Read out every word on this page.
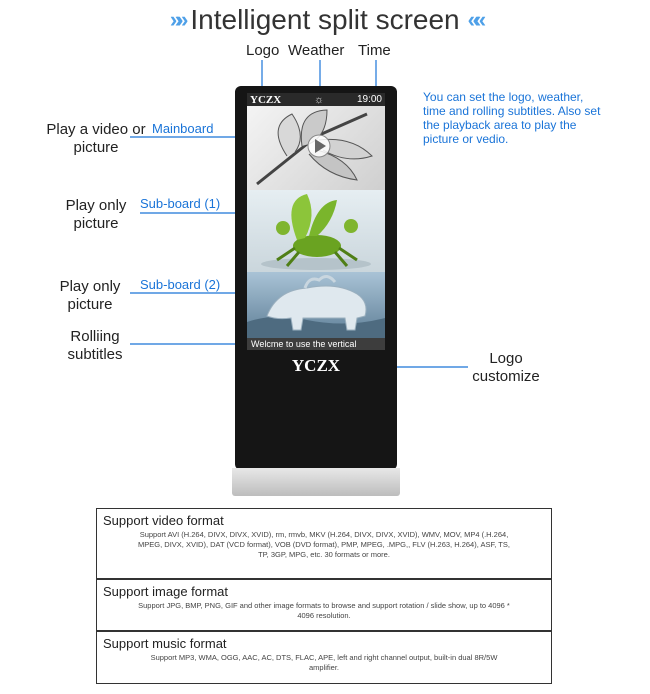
»» Intelligent split screen ««
Logo Weather Time
You can set the logo, weather, time and rolling subtitles. Also set the playback area to play the picture or vedio.
Play a video or picture
Play only picture
Play only picture
Rolliing subtitles
Mainboard
Sub-board (1)
Sub-board (2)
YCZX	☼	19:00
Welcme to use the vertical
YCZX	Logo customize
Support video format

Support AVI (H.264, DIVX, DIVX, XVID), rm, rmvb, MKV (H.264, DIVX, DIVX, XVID), WMV, MOV, MP4 (.H.264, MPEG, DIVX, XVID), DAT (VCD format), VOB (DVD format), PMP, MPEG, .MPG,, FLV (H.263, H.264), ASF, TS, TP, 3GP, MPG, etc. 30 formats or more.

Support image format

Support JPG, BMP, PNG, GIF and other image formats to browse and support rotation / slide show, up to 4096 * 4096 resolution.

Support music format

Support MP3, WMA, OGG, AAC, AC, DTS, FLAC, APE, left and right channel output, built-in dual 8R/5W amplifier.
